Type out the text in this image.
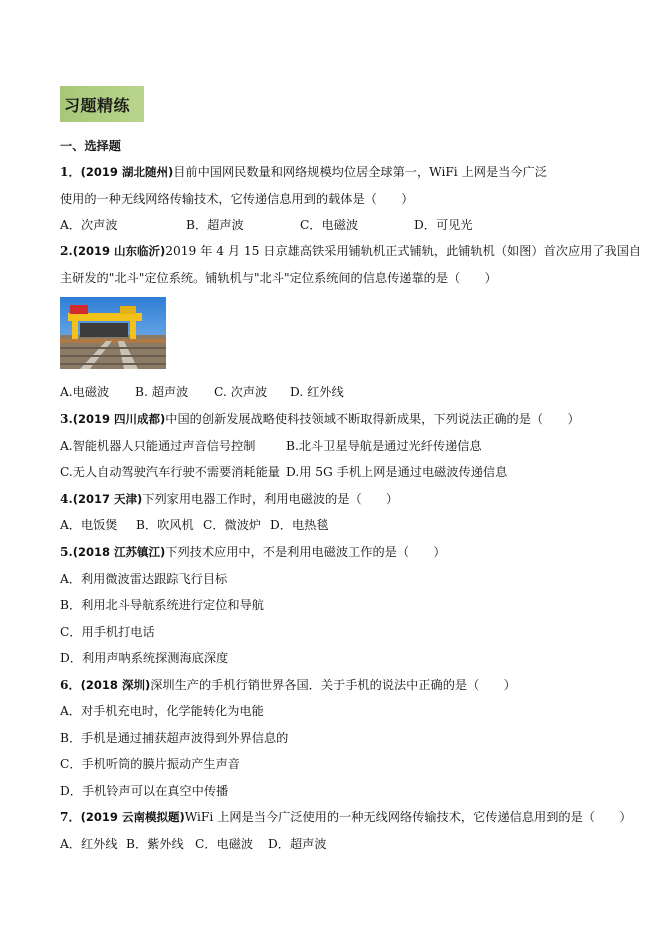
习题精练
一、选择题
1．(2019 湖北随州)目前中国网民数量和网络规模均位居全球第一，WiFi 上网是当今广泛
使用的一种无线网络传输技术，它传递信息用到的载体是（　　）
A．次声波	B．超声波	C．电磁波	D．可见光
2.(2019 山东临沂)2019 年 4 月 15 日京雄高铁采用铺轨机正式铺轨，此铺轨机（如图）首次应用了我国自
主研发的"北斗"定位系统。铺轨机与"北斗"定位系统间的信息传递靠的是（　　）
A.电磁波 B. 超声波 C. 次声波 D. 红外线
3.(2019 四川成都)中国的创新发展战略使科技领域不断取得新成果，下列说法正确的是（　　）
A.智能机器人只能通过声音信号控制	B.北斗卫星导航是通过光纤传递信息
C.无人自动驾驶汽车行驶不需要消耗能量 D.用 5G 手机上网是通过电磁波传递信息
4.(2017 天津)下列家用电器工作时，利用电磁波的是（　　）
A．电饭煲 B．吹风机 C．微波炉 D．电热毯
5.(2018 江苏镇江)下列技术应用中，不是利用电磁波工作的是（　　）
A．利用微波雷达跟踪飞行目标
B．利用北斗导航系统进行定位和导航
C．用手机打电话
D．利用声呐系统探测海底深度
6．(2018 深圳)深圳生产的手机行销世界各国．关于手机的说法中正确的是（　　）
A．对手机充电时，化学能转化为电能
B．手机是通过捕获超声波得到外界信息的
C．手机听筒的膜片振动产生声音
D．手机铃声可以在真空中传播
7．(2019 云南模拟题)WiFi 上网是当今广泛使用的一种无线网络传输技术，它传递信息用到的是（　　）
A．红外线 B．紫外线 C．电磁波 D．超声波
